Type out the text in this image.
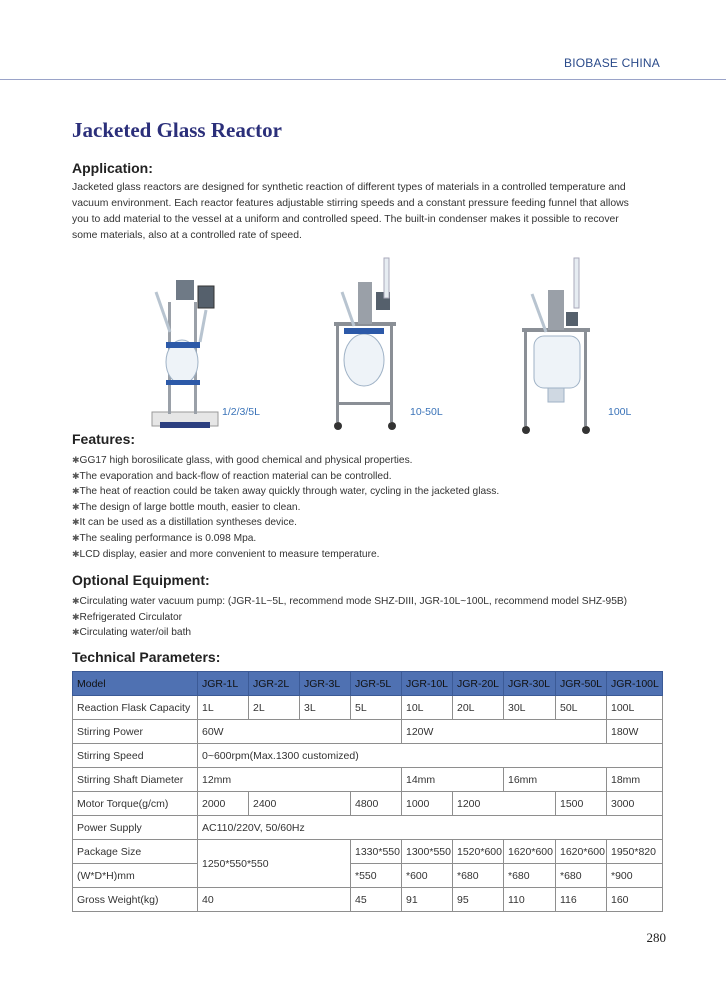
BIOBASE CHINA
Jacketed Glass Reactor
Application:

Jacketed glass reactors are designed for synthetic reaction of different types of materials in a controlled temperature and
vacuum environment. Each reactor features adjustable stirring speeds and a constant pressure feeding funnel that allows
you to add material to the vessel at a uniform and controlled speed. The built-in condenser makes it possible to recover
some materials, also at a controlled rate of speed.

1/2/3/5L	10-50L	100L
Features:
✱ GG17 high borosilicate glass, with good chemical and physical properties.
✱ The evaporation and back-flow of reaction material can be controlled.
✱ The heat of reaction could be taken away quickly through water, cycling in the jacketed glass.
✱ The design of large bottle mouth, easier to clean.
✱ It can be used as a distillation syntheses device.
✱ The sealing performance is 0.098 Mpa.
✱ LCD display, easier and more convenient to measure temperature.
Optional Equipment:
✱ Circulating water vacuum pump: (JGR-1L~5L, recommend mode SHZ-DIII, JGR-10L~100L, recommend model SHZ-95B)
✱ Refrigerated Circulator
✱ Circulating water/oil bath
Technical Parameters:
Model	JGR-1L	JGR-2L	JGR-3L	JGR-5L	JGR-10L	JGR-20L	JGR-30L	JGR-50L	JGR-100L
Reaction Flask Capacity	1L	2L	3L	5L	10L	20L	30L	50L	100L
Stirring Power	60W				120W				180W
Stirring Speed	0~600rpm(Max.1300 customized)								
Stirring Shaft Diameter	12mm				14mm		16mm		18mm
Motor Torque(g/cm)	2000	2400		4800	1000	1200		1500	3000
Power Supply	AC110/220V, 50/60Hz								
Package Size	1250*550*550			1330*550	1300*550	1520*600	1620*600	1620*600	1950*820
(W*D*H)mm				*550	*600	*680	*680	*680	*900
Gross Weight(kg)	40			45	91	95	110	116	160
280
